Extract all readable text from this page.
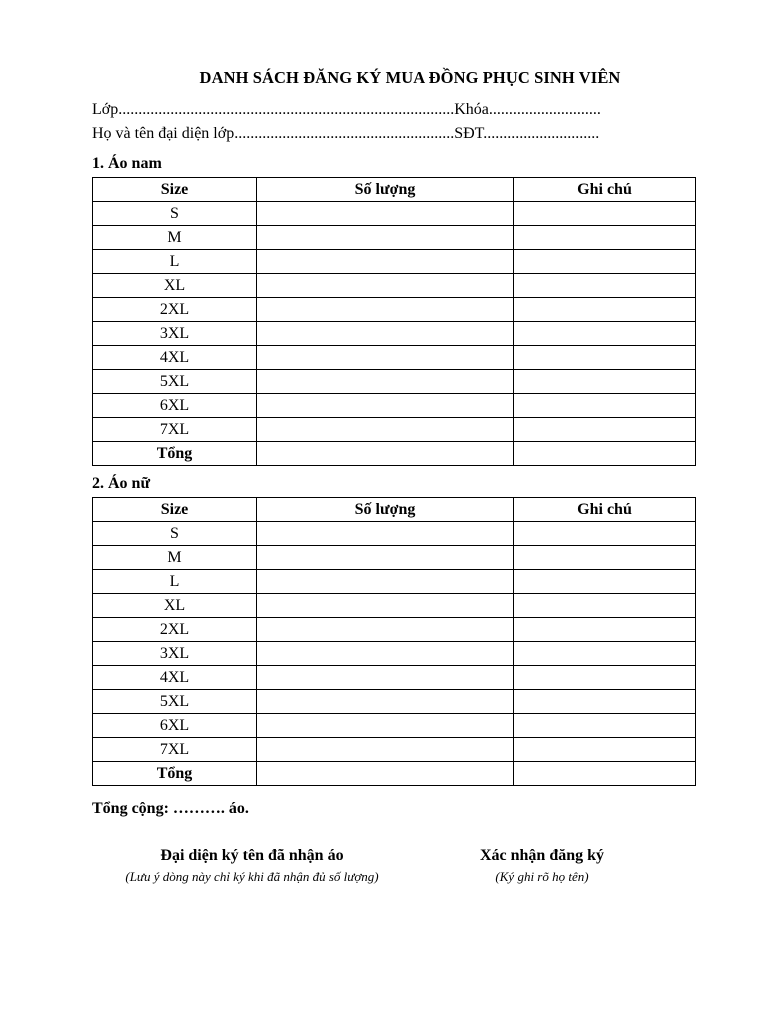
DANH SÁCH ĐĂNG KÝ MUA ĐỒNG PHỤC SINH VIÊN
Lớp....................................................................................Khóa............................
Họ và tên đại diện lớp.......................................................SĐT.............................
1. Áo nam
Size	Số lượng	Ghi chú
S		
M		
L		
XL		
2XL		
3XL		
4XL		
5XL		
6XL		
7XL		
Tổng		
2. Áo nữ
Size	Số lượng	Ghi chú
S		
M		
L		
XL		
2XL		
3XL		
4XL		
5XL		
6XL		
7XL		
Tổng		
Tổng cộng: ………. áo.
Đại diện ký tên đã nhận áo
(Lưu ý dòng này chỉ ký khi đã nhận đủ số lượng)
Xác nhận đăng ký
(Ký ghi rõ họ tên)
